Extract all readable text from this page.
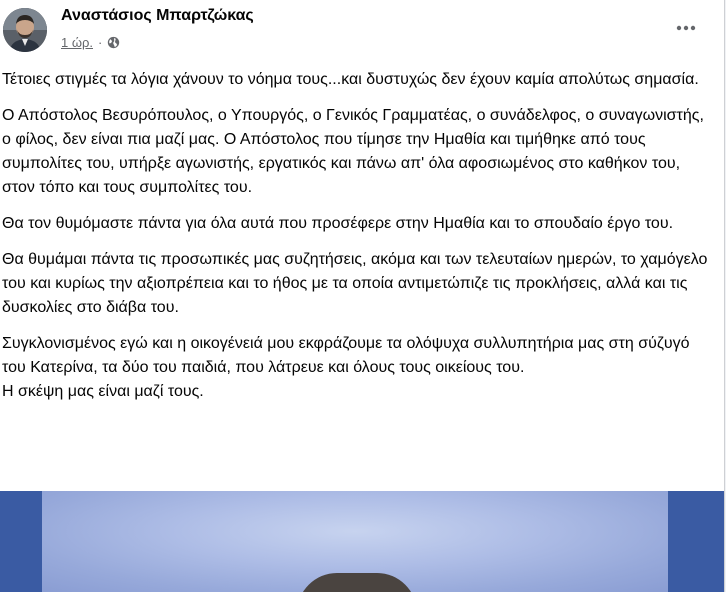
Αναστάσιος Μπαρτζώκας
1 ώρ. ·

Τέτοιες στιγμές τα λόγια χάνουν το νόημα τους...και δυστυχώς δεν έχουν καμία απολύτως σημασία.

Ο Απόστολος Βεσυρόπουλος, ο Υπουργός, ο Γενικός Γραμματέας, ο συνάδελφος, ο συναγωνιστής, ο φίλος, δεν είναι πια μαζί μας. Ο Απόστολος που τίμησε την Ημαθία και τιμήθηκε από τους συμπολίτες του, υπήρξε αγωνιστής, εργατικός και πάνω απ' όλα αφοσιωμένος στο καθήκον του, στον τόπο και τους συμπολίτες του.

Θα τον θυμόμαστε πάντα για όλα αυτά που προσέφερε στην Ημαθία και το σπουδαίο έργο του.

Θα θυμάμαι πάντα τις προσωπικές μας συζητήσεις, ακόμα και των τελευταίων ημερών, το χαμόγελο του και κυρίως την αξιοπρέπεια και το ήθος με τα οποία αντιμετώπιζε τις προκλήσεις, αλλά και τις δυσκολίες στο διάβα του.

Συγκλονισμένος εγώ και η οικογένειά μου εκφράζουμε τα ολόψυχα συλλυπητήρια μας στη σύζυγό του Κατερίνα, τα δύο του παιδιά, που λάτρευε και όλους τους οικείους του.

Η σκέψη μας είναι μαζί τους.
